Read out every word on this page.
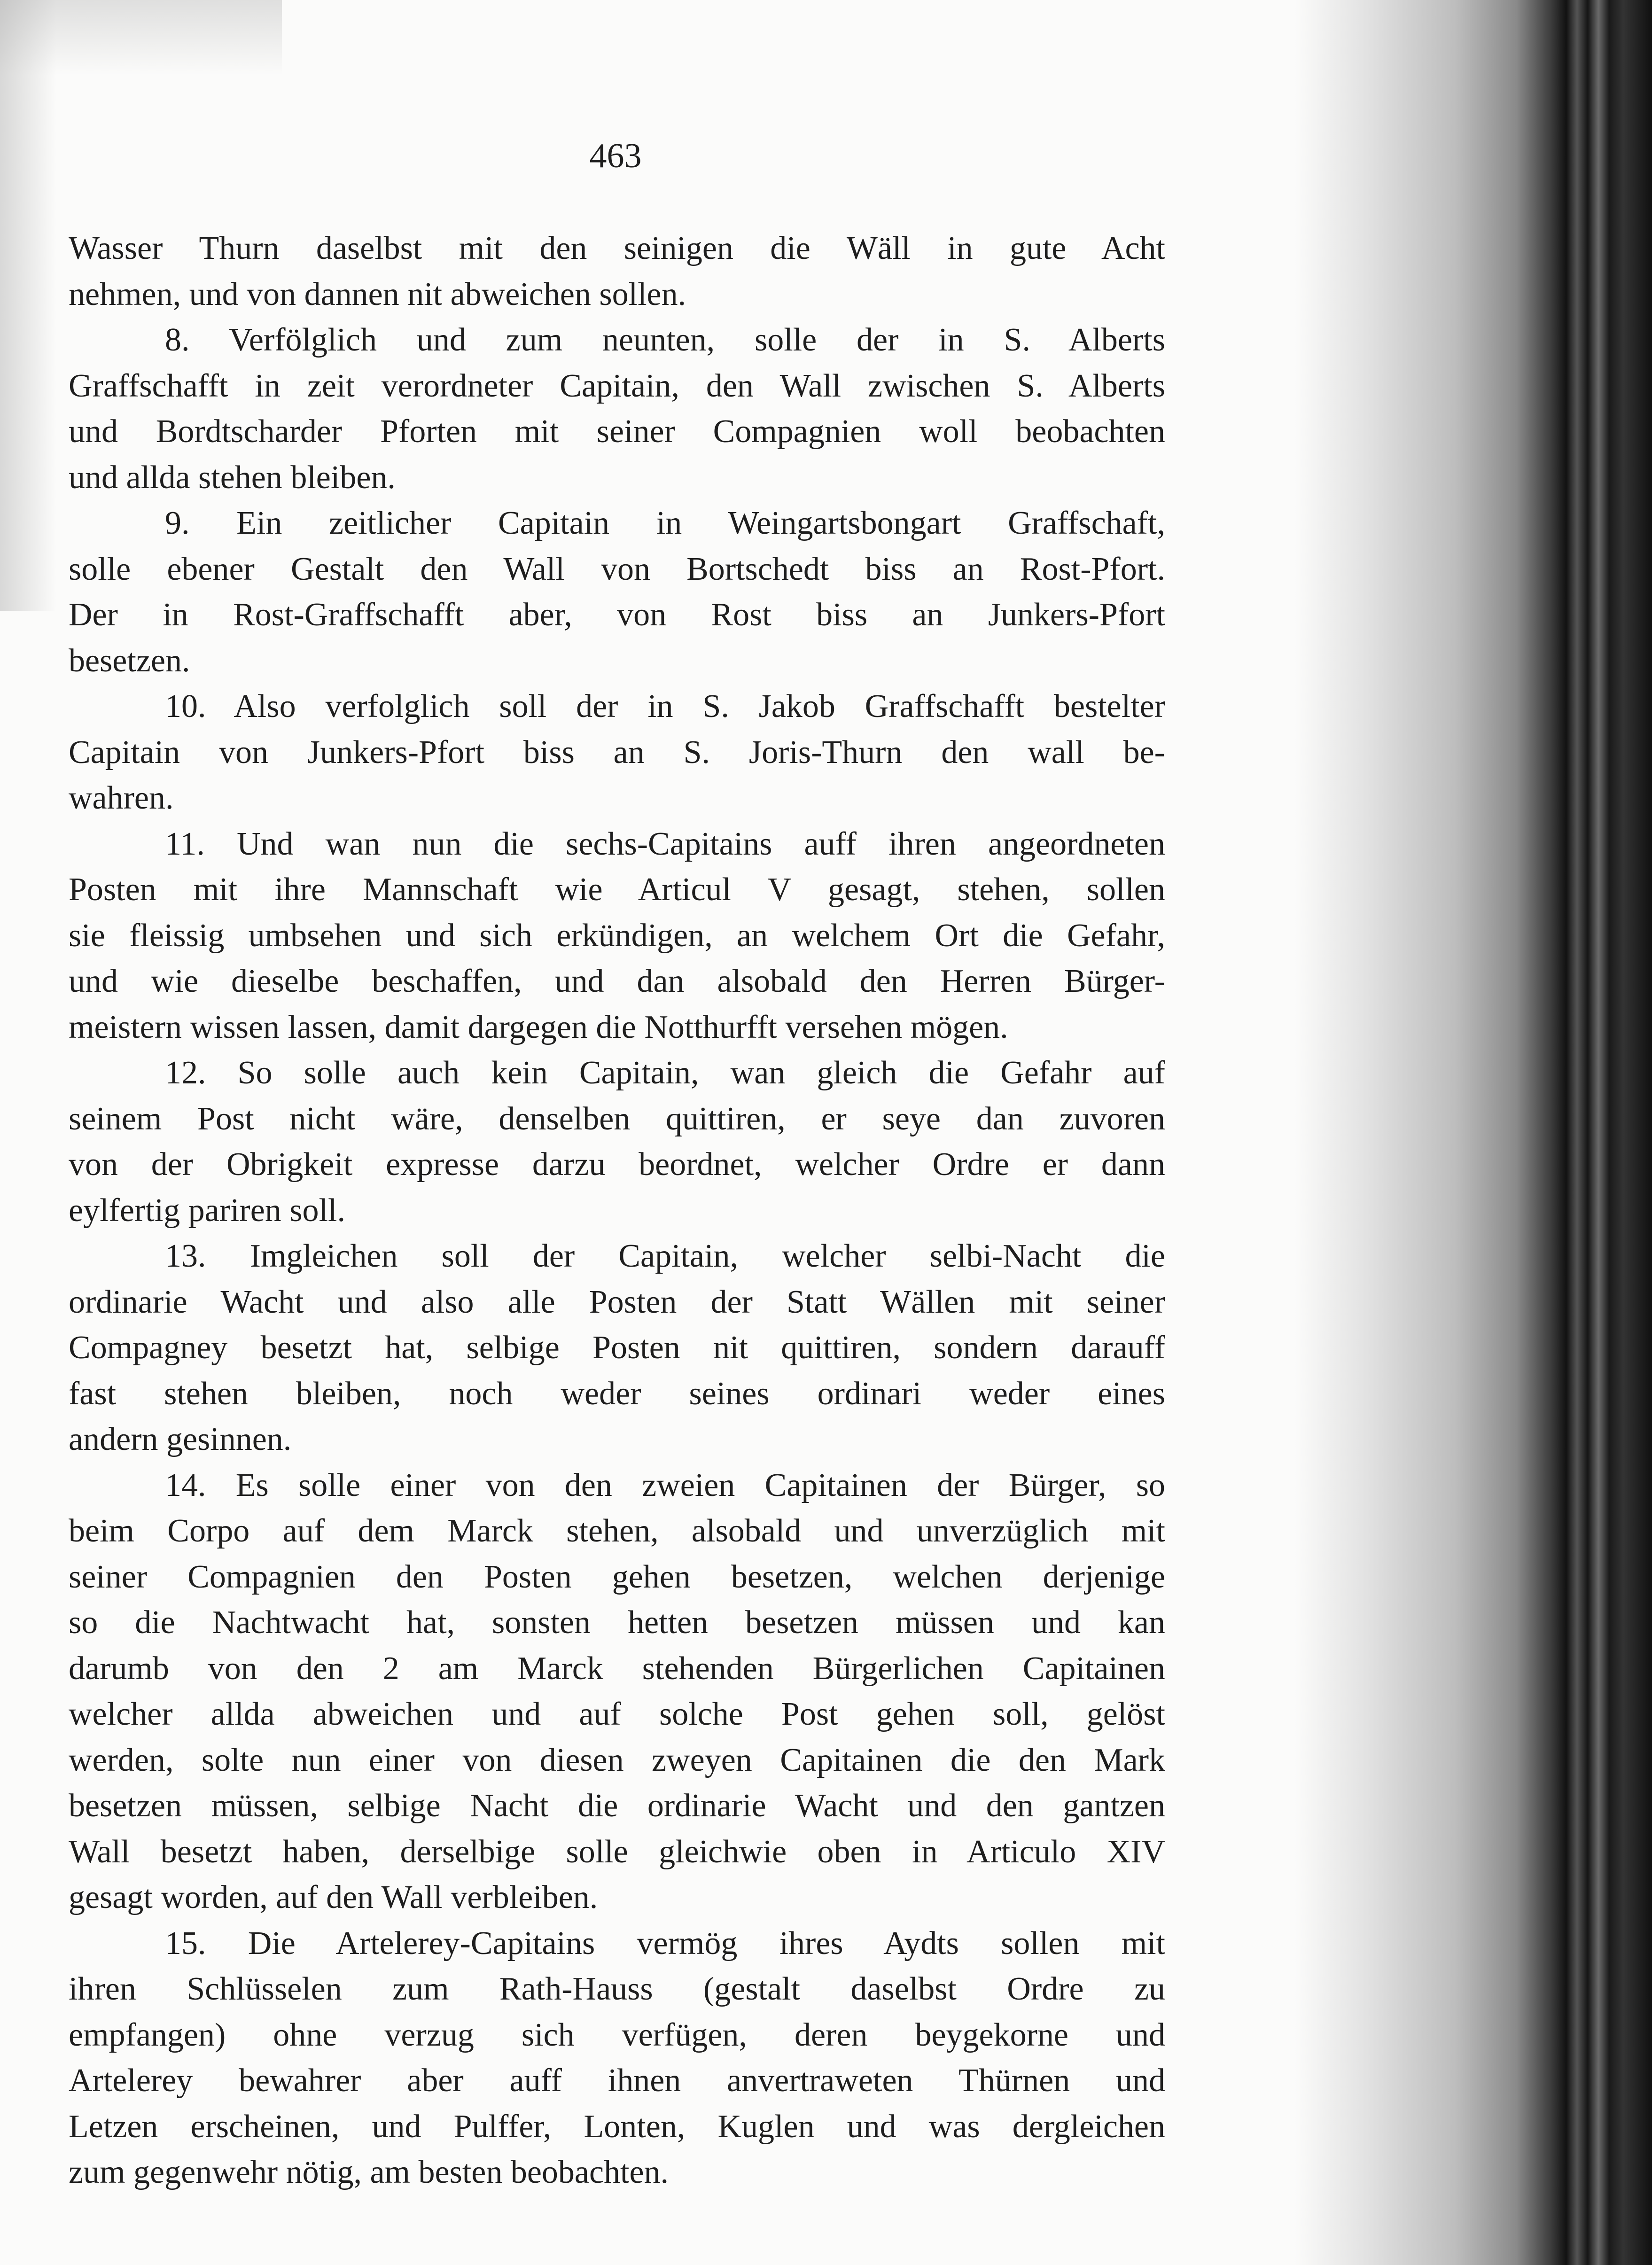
463
Wasser Thurn daselbst mit den seinigen die Wäll in gute Acht
nehmen, und von dannen nit abweichen sollen.
8. Verfölglich und zum neunten, solle der in S. Alberts
Graffschafft in zeit verordneter Capitain, den Wall zwischen S. Alberts
und Bordtscharder Pforten mit seiner Compagnien woll beobachten
und allda stehen bleiben.
9. Ein zeitlicher Capitain in Weingartsbongart Graffschaft,
solle ebener Gestalt den Wall von Bortschedt biss an Rost-Pfort.
Der in Rost-Graffschafft aber, von Rost biss an Junkers-Pfort
besetzen.
10. Also verfolglich soll der in S. Jakob Graffschafft bestelter
Capitain von Junkers-Pfort biss an S. Joris-Thurn den wall be-
wahren.
11. Und wan nun die sechs-Capitains auff ihren angeordneten
Posten mit ihre Mannschaft wie Articul V gesagt, stehen, sollen
sie fleissig umbsehen und sich erkündigen, an welchem Ort die Gefahr,
und wie dieselbe beschaffen, und dan alsobald den Herren Bürger-
meistern wissen lassen, damit dargegen die Notthurfft versehen mögen.
12. So solle auch kein Capitain, wan gleich die Gefahr auf
seinem Post nicht wäre, denselben quittiren, er seye dan zuvoren
von der Obrigkeit expresse darzu beordnet, welcher Ordre er dann
eylfertig pariren soll.
13. Imgleichen soll der Capitain, welcher selbi-Nacht die
ordinarie Wacht und also alle Posten der Statt Wällen mit seiner
Compagney besetzt hat, selbige Posten nit quittiren, sondern darauff
fast stehen bleiben, noch weder seines ordinari weder eines
andern gesinnen.
14. Es solle einer von den zweien Capitainen der Bürger, so
beim Corpo auf dem Marck stehen, alsobald und unverzüglich mit
seiner Compagnien den Posten gehen besetzen, welchen derjenige
so die Nachtwacht hat, sonsten hetten besetzen müssen und kan
darumb von den 2 am Marck stehenden Bürgerlichen Capitainen
welcher allda abweichen und auf solche Post gehen soll, gelöst
werden, solte nun einer von diesen zweyen Capitainen die den Mark
besetzen müssen, selbige Nacht die ordinarie Wacht und den gantzen
Wall besetzt haben, derselbige solle gleichwie oben in Articulo XIV
gesagt worden, auf den Wall verbleiben.
15. Die Artelerey-Capitains vermög ihres Aydts sollen mit
ihren Schlüsselen zum Rath-Hauss (gestalt daselbst Ordre zu
empfangen) ohne verzug sich verfügen, deren beygekorne und
Artelerey bewahrer aber auff ihnen anvertraweten Thürnen und
Letzen erscheinen, und Pulffer, Lonten, Kuglen und was dergleichen
zum gegenwehr nötig, am besten beobachten.
